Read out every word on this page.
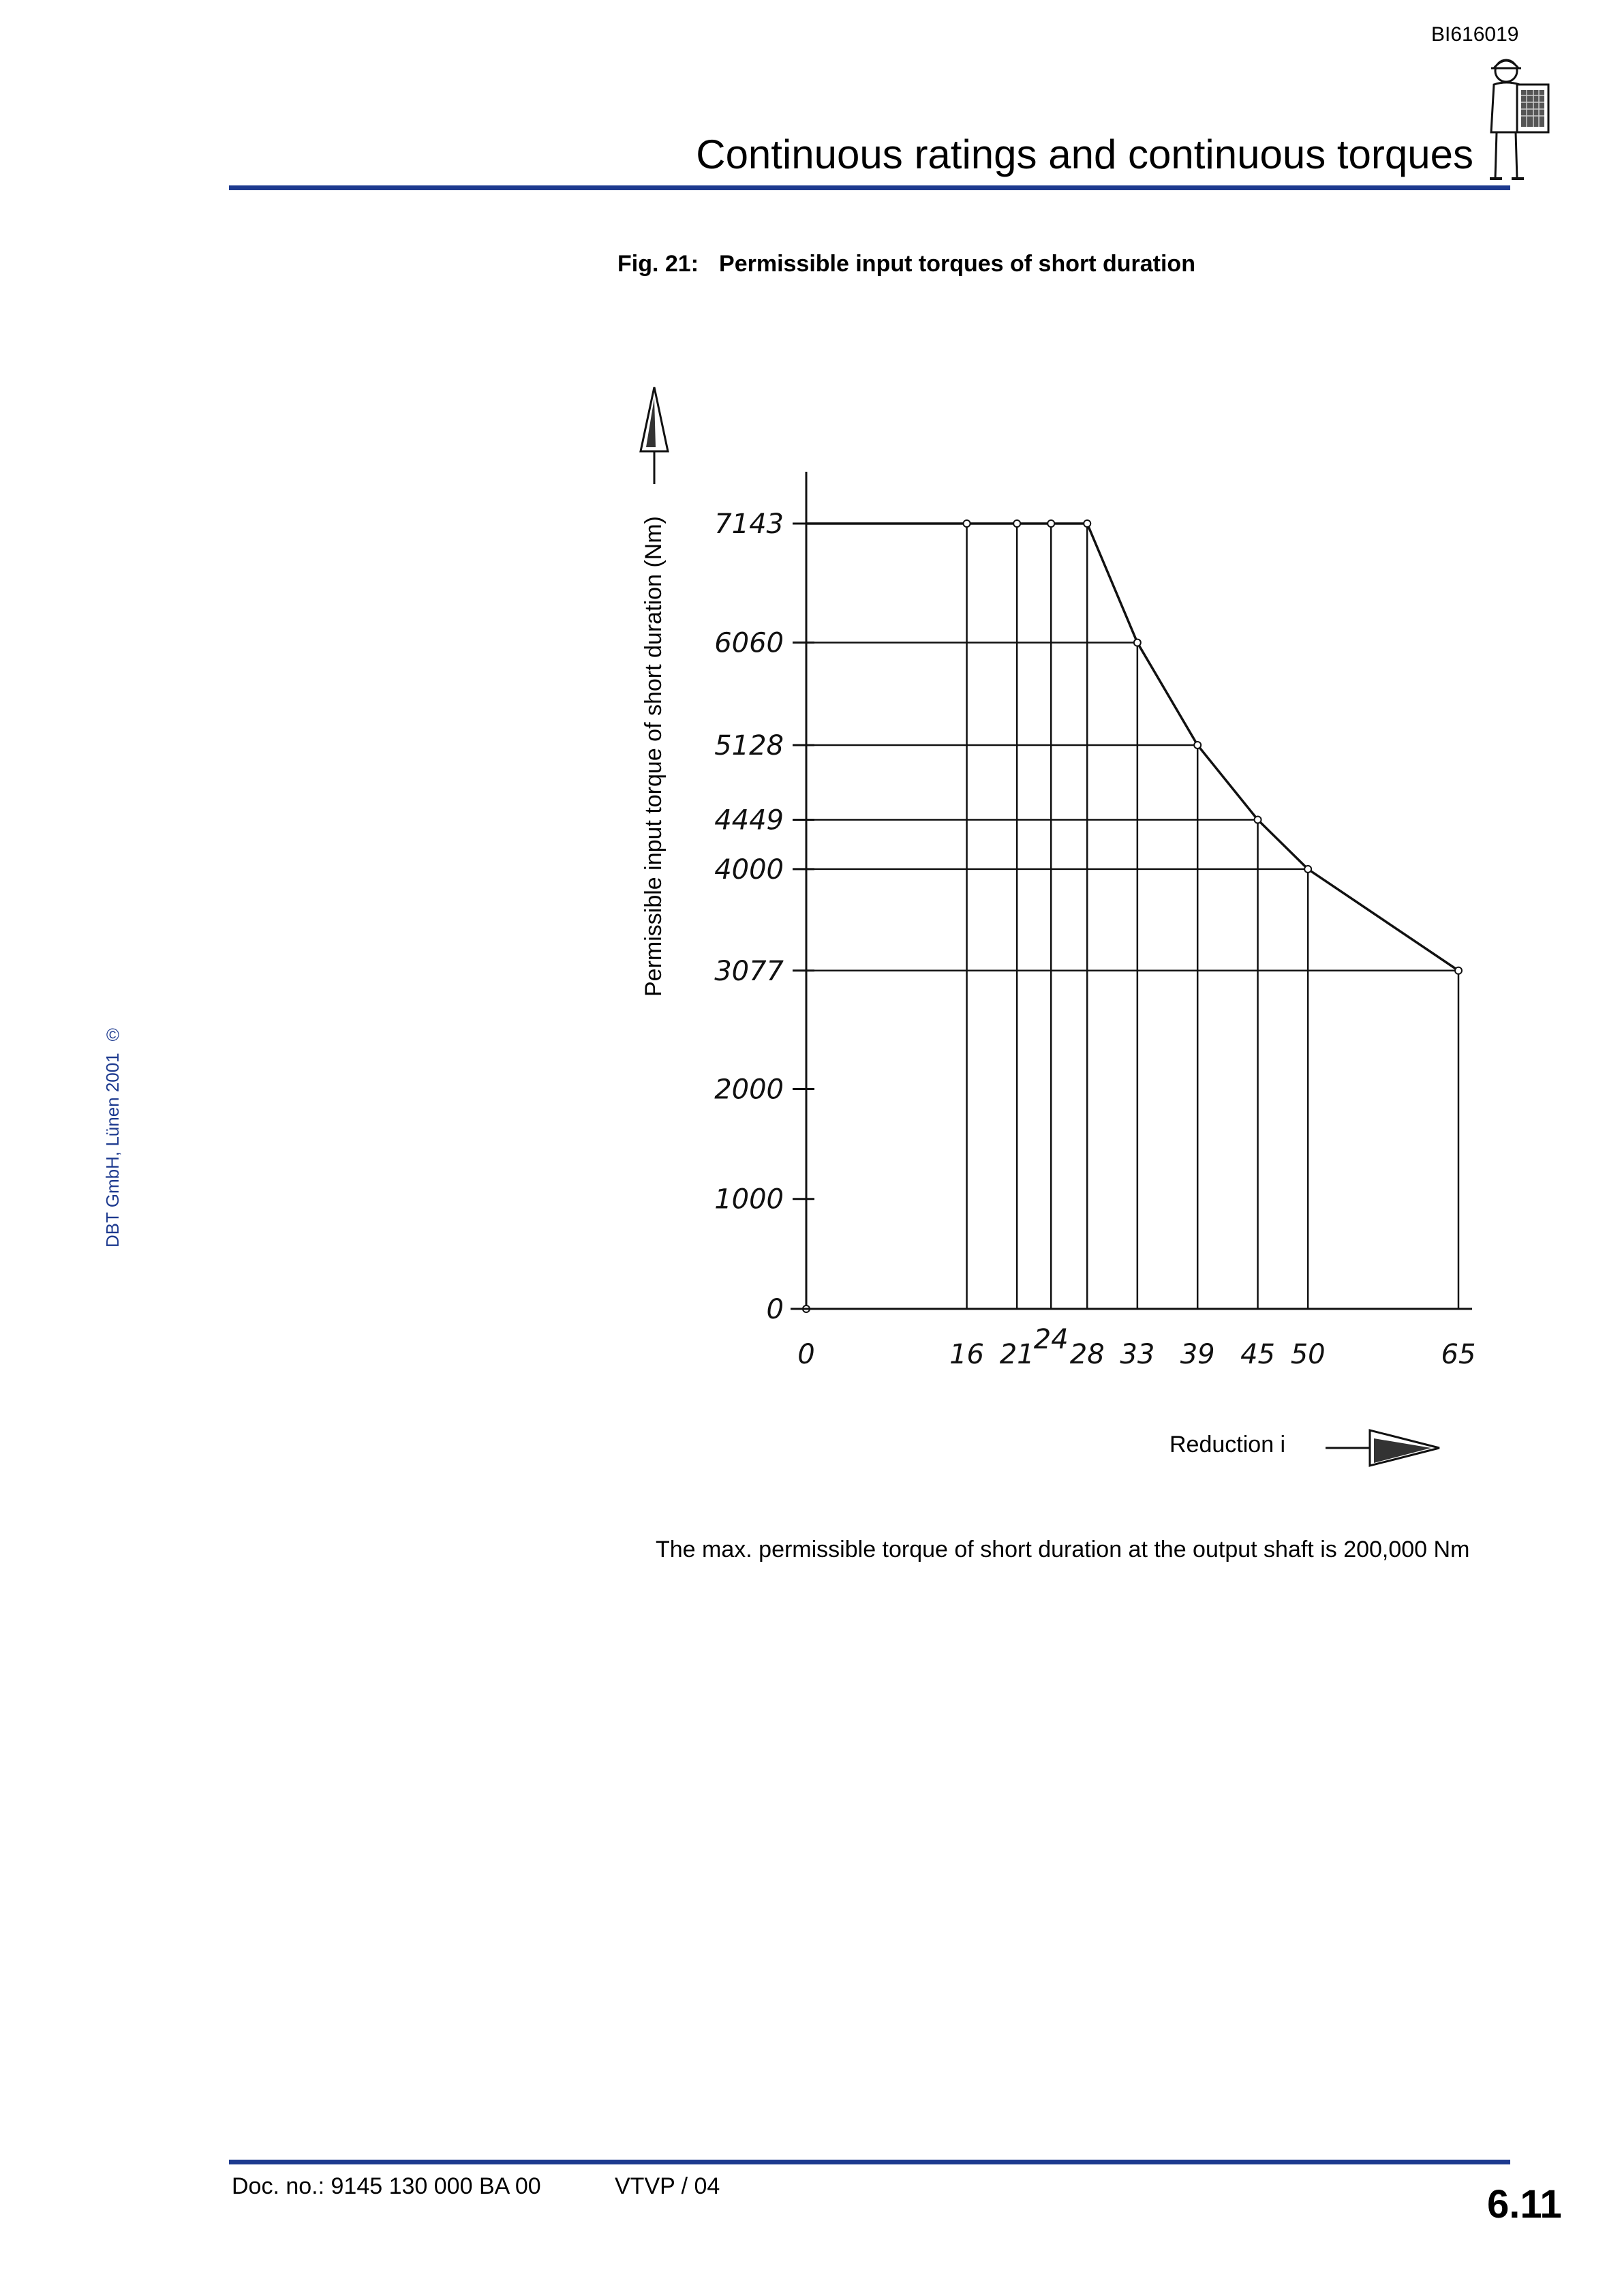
BI616019
Continuous ratings and continuous torques
Fig. 21: Permissible input torques of short duration
DBT GmbH, Lünen 2001©
0	16 21 24 28 33 39 45 50	65
0
1000
2000
3077
4000
4449
5128
6060
7143
Permissible input torque of short duration (Nm)
Reduction i
The max. permissible torque of short duration at the output shaft is 200,000 Nm
Doc. no.: 9145 130 000 BA 00	VTVP / 04	6.11
